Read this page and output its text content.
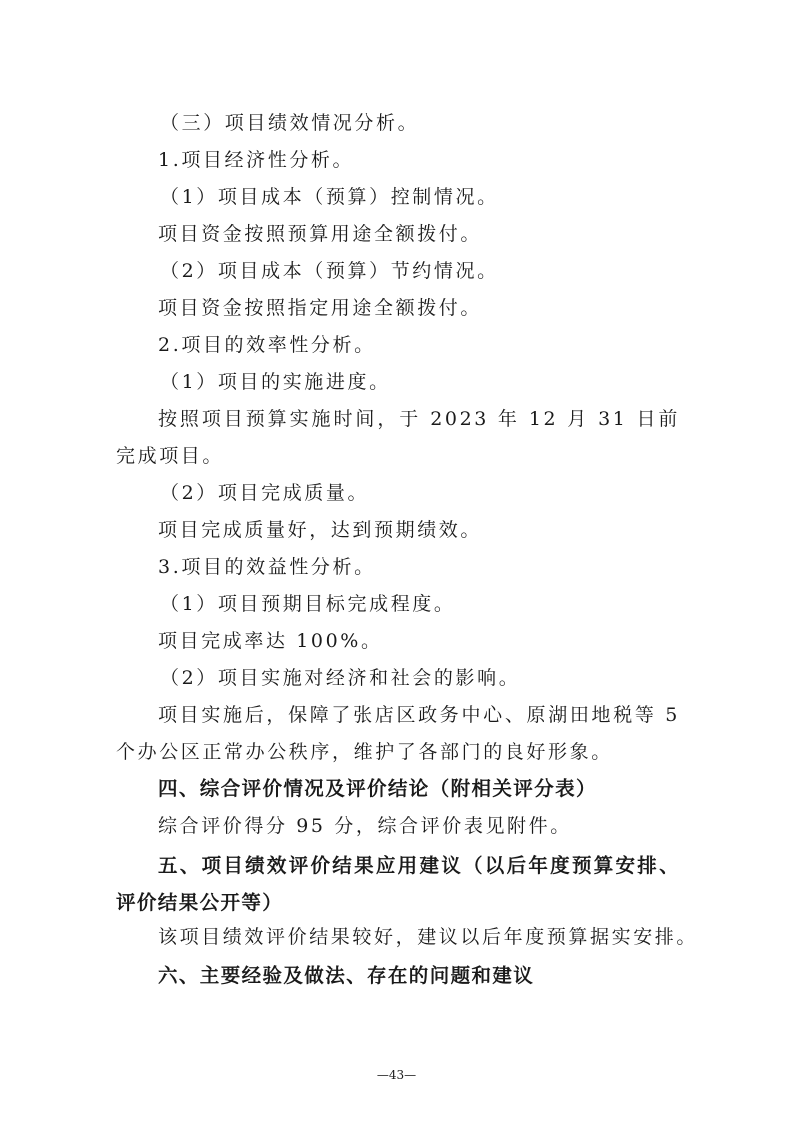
（三）项目绩效情况分析。
1.项目经济性分析。
（1）项目成本（预算）控制情况。
项目资金按照预算用途全额拨付。
（2）项目成本（预算）节约情况。
项目资金按照指定用途全额拨付。
2.项目的效率性分析。
（1）项目的实施进度。
按照项目预算实施时间，于 2023 年 12 月 31 日前完成项目。
（2）项目完成质量。
项目完成质量好，达到预期绩效。
3.项目的效益性分析。
（1）项目预期目标完成程度。
项目完成率达 100%。
（2）项目实施对经济和社会的影响。
项目实施后，保障了张店区政务中心、原湖田地税等 5 个办公区正常办公秩序，维护了各部门的良好形象。
四、综合评价情况及评价结论（附相关评分表）
综合评价得分 95 分，综合评价表见附件。
五、项目绩效评价结果应用建议（以后年度预算安排、评价结果公开等）
该项目绩效评价结果较好，建议以后年度预算据实安排。
六、主要经验及做法、存在的问题和建议
—43—
